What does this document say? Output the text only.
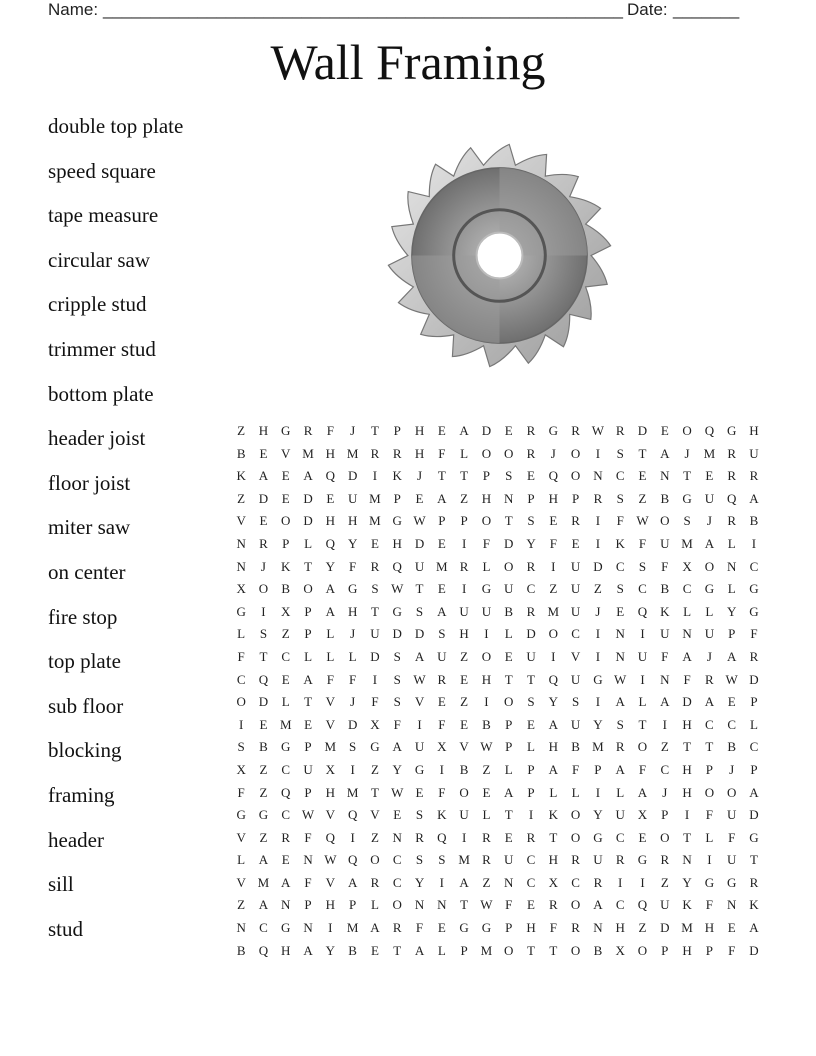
Name: _______________________________________________________ Date: _______
Wall Framing
double top plate
speed square
tape measure
circular saw
cripple stud
trimmer stud
bottom plate
header joist
floor joist
miter saw
on center
fire stop
top plate
sub floor
blocking
framing
header
sill
stud
Z	H G	R	F	J	T	P	H	E	A D	E	R	G	R W R	D	E	O Q G H
B	E	V M H M R	R	H	F	L	O O	R	J	O	I	S	T	A	J	M R	U
K A	E	A Q D	I	K	J	T	T	P	S	E	Q O N	C	E	N	T	E	R	R
Z	D	E	D	E	U M P	E	A	Z	H N	P	H	P	R	S	Z	B	G U Q A
V	E	O D H H M G W P	P	O	T	S	E	R	I	F W O	S	J	R	B
N	R	P	L	Q Y	E	H D	E	I	F	D Y	F	E	I	K	F	U M A	L	I
N	J	K	T	Y	F	R	Q U M R	L	O	R	I	U D	C	S	F	X O N	C
X O	B	O A G	S W T	E	I	G U	C	Z	U	Z	S	C	B	C	G	L	G
G	I	X	P	A H	T	G	S	A U U	B	R M U	J	E	Q K	L	L	Y G
L	S	Z	P	L	J	U D D	S	H	I	L	D O	C	I	N	I	U N U	P	F
F	T	C	L	L	L	D	S	A U	Z	O	E	U	I	V	I	N U	F	A	J	A	R
C	Q	E	A	F	F	I	S W R	E	H	T	T	Q U G W	I	N	F	R W D
O D	L	T	V	J	F	S	V	E	Z	I	O	S	Y	S	I	A	L	A D A	E	P
I	E M E	V D X	F	I	F	E	B	P	E	A U Y	S	T	I	H	C	C	L
S	B	G	P M S	G A U X V W P	L	H	B M R	O	Z	T	T	B	C
X	Z	C	U X	I	Z	Y G	I	B	Z	L	P	A	F	P	A	F	C	H	P	J	P
F	Z	Q	P	H M T W E	F	O	E	A	P	L	L	I	L	A	J	H O O A
G G	C W V Q V	E	S	K U	L	T	I	K O Y U X	P	I	F	U D
V	Z	R	F	Q	I	Z	N	R	Q	I	R	E	R	T	O G	C	E	O	T	L	F	G
L	A	E	N W Q O	C	S	S M R	U	C	H	R	U	R	G	R	N	I	U	T
V M A	F	V A	R	C	Y	I	A	Z	N	C	X	C	R	I	I	Z	Y G G	R
Z	A N	P	H	P	L	O N N	T W F	E	R	O A	C	Q U K	F	N K
N	C	G N	I	M A	R	F	E	G G	P	H	F	R	N H	Z	D M H	E	A
B	Q H A Y	B	E	T	A	L	P M O	T	T	O	B	X O	P	H	P	F	D
